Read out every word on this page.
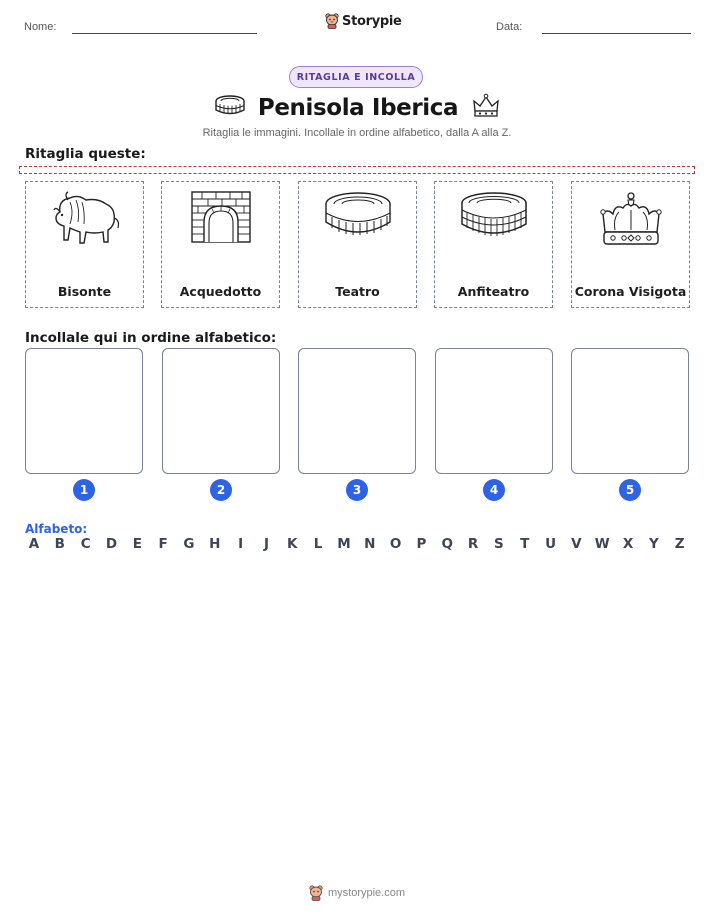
Nome:	Storypie	Data:
RITAGLIA E INCOLLA
Penisola Iberica
Ritaglia le immagini. Incollale in ordine alfabetico, dalla A alla Z.
Ritaglia queste:
Bisonte	Acquedotto	Teatro	Anfiteatro	Corona Visigota
Incollale qui in ordine alfabetico:
1	2	3	4	5
Alfabeto:
A B C D	E	F	G H	I	J	K	L	M N O P Q R	S	T	U V W X	Y	Z
mystorypie.com
